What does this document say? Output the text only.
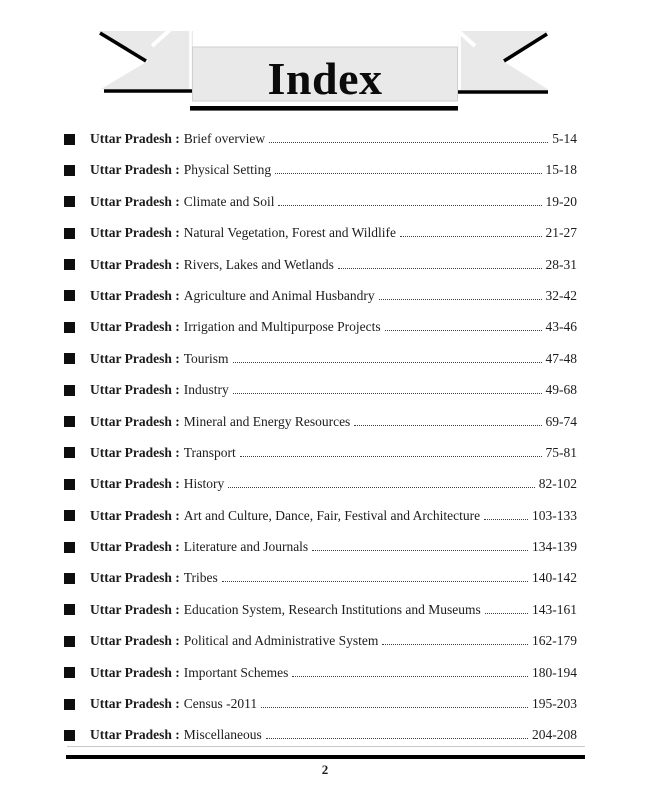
Index
Uttar Pradesh : Brief overview	5-14
Uttar Pradesh : Physical Setting	15-18
Uttar Pradesh : Climate and Soil	19-20
Uttar Pradesh : Natural Vegetation, Forest and Wildlife	21-27
Uttar Pradesh : Rivers, Lakes and Wetlands	28-31
Uttar Pradesh : Agriculture and Animal Husbandry	32-42
Uttar Pradesh : Irrigation and Multipurpose Projects	43-46
Uttar Pradesh : Tourism	47-48
Uttar Pradesh : Industry	49-68
Uttar Pradesh : Mineral and Energy Resources	69-74
Uttar Pradesh : Transport	75-81
Uttar Pradesh : History	82-102
Uttar Pradesh : Art and Culture, Dance, Fair, Festival and Architecture	103-133
Uttar Pradesh : Literature and Journals	134-139
Uttar Pradesh : Tribes	140-142
Uttar Pradesh : Education System, Research Institutions and Museums	143-161
Uttar Pradesh : Political and Administrative System	162-179
Uttar Pradesh : Important Schemes	180-194
Uttar Pradesh : Census -2011	195-203
Uttar Pradesh : Miscellaneous	204-208
2
